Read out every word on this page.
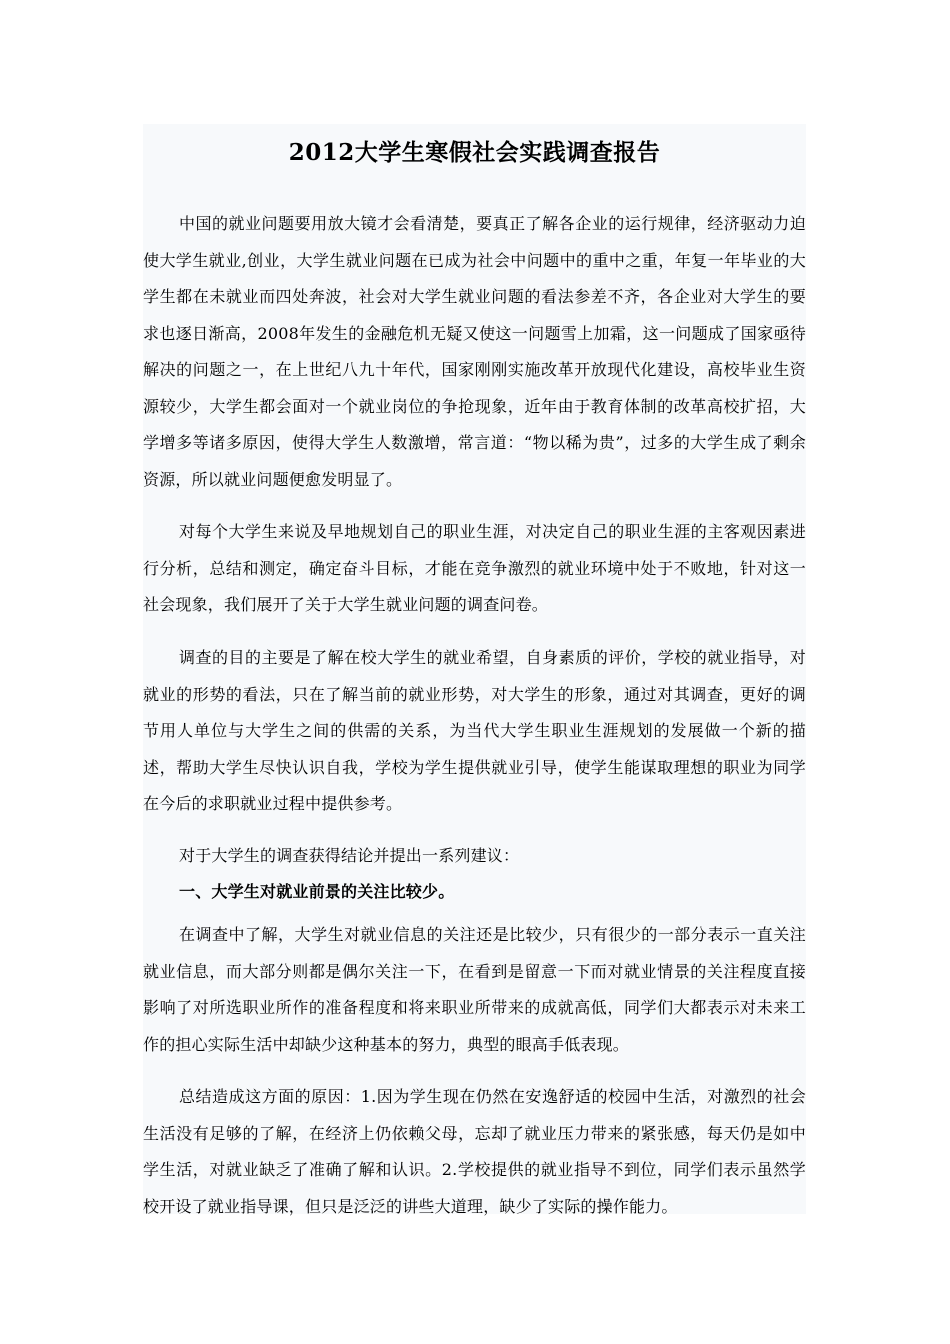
2012大学生寒假社会实践调查报告

中国的就业问题要用放大镜才会看清楚，要真正了解各企业的运行规律，经济驱动力迫使大学生就业,创业，大学生就业问题在已成为社会中问题中的重中之重，年复一年毕业的大学生都在未就业而四处奔波，社会对大学生就业问题的看法参差不齐，各企业对大学生的要求也逐日渐高，2008年发生的金融危机无疑又使这一问题雪上加霜，这一问题成了国家亟待解决的问题之一，在上世纪八九十年代，国家刚刚实施改革开放现代化建设，高校毕业生资源较少，大学生都会面对一个就业岗位的争抢现象，近年由于教育体制的改革高校扩招，大学增多等诸多原因，使得大学生人数激增，常言道：“物以稀为贵”，过多的大学生成了剩余资源，所以就业问题便愈发明显了。

对每个大学生来说及早地规划自己的职业生涯，对决定自己的职业生涯的主客观因素进行分析，总结和测定，确定奋斗目标，才能在竞争激烈的就业环境中处于不败地，针对这一社会现象，我们展开了关于大学生就业问题的调查问卷。

调查的目的主要是了解在校大学生的就业希望，自身素质的评价，学校的就业指导，对就业的形势的看法，只在了解当前的就业形势，对大学生的形象，通过对其调查，更好的调节用人单位与大学生之间的供需的关系，为当代大学生职业生涯规划的发展做一个新的描述，帮助大学生尽快认识自我，学校为学生提供就业引导，使学生能谋取理想的职业为同学在今后的求职就业过程中提供参考。

对于大学生的调查获得结论并提出一系列建议：

一、大学生对就业前景的关注比较少。

在调查中了解，大学生对就业信息的关注还是比较少，只有很少的一部分表示一直关注就业信息，而大部分则都是偶尔关注一下，在看到是留意一下而对就业情景的关注程度直接影响了对所选职业所作的准备程度和将来职业所带来的成就高低，同学们大都表示对未来工作的担心实际生活中却缺少这种基本的努力，典型的眼高手低表现。

总结造成这方面的原因：1.因为学生现在仍然在安逸舒适的校园中生活，对激烈的社会生活没有足够的了解，在经济上仍依赖父母，忘却了就业压力带来的紧张感，每天仍是如中学生活，对就业缺乏了准确了解和认识。2.学校提供的就业指导不到位，同学们表示虽然学校开设了就业指导课，但只是泛泛的讲些大道理，缺少了实际的操作能力。
